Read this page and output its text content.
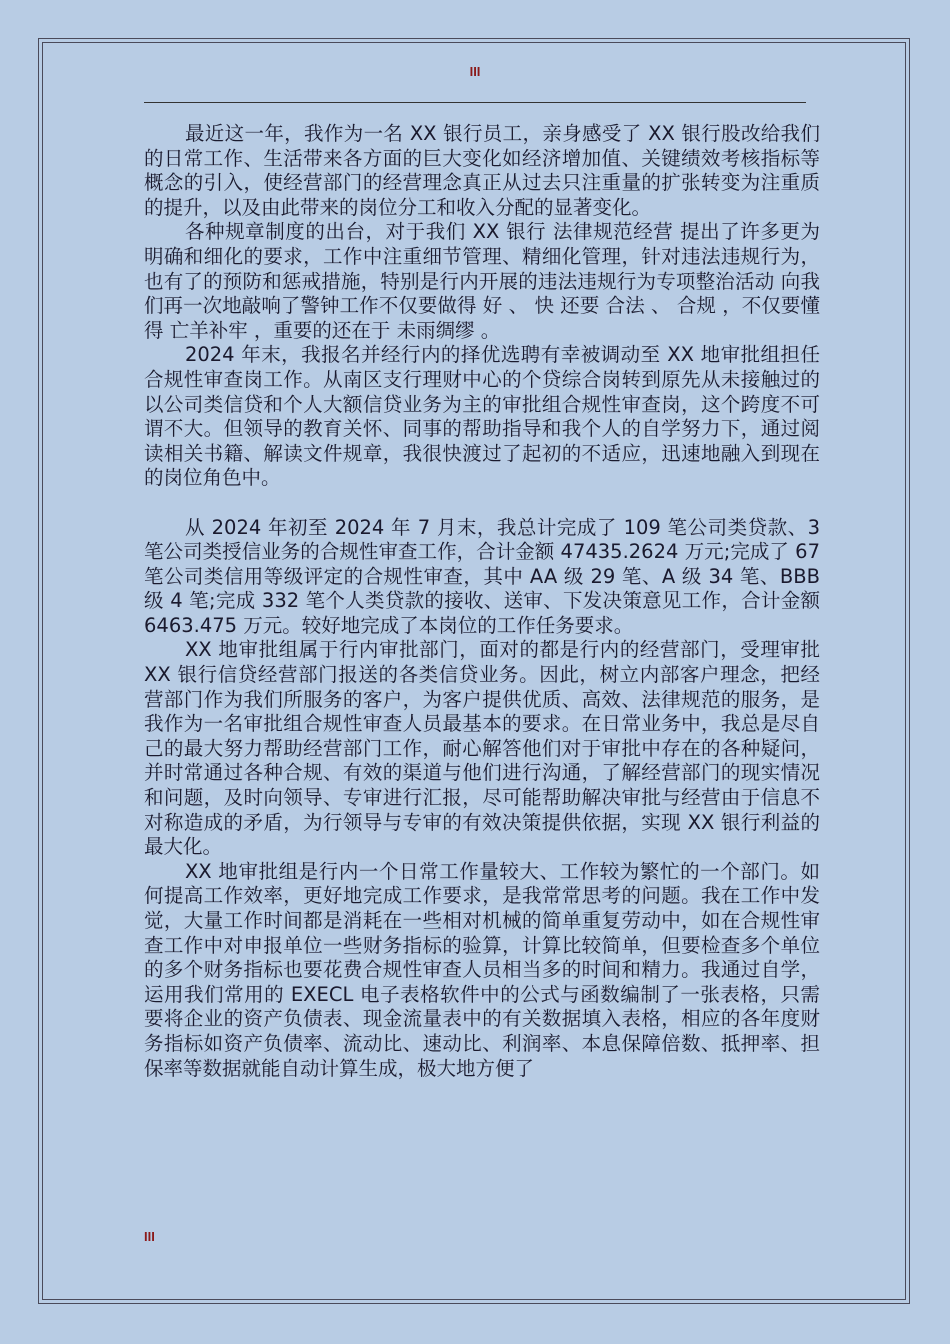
III

最近这一年，我作为一名 XX 银行员工，亲身感受了 XX 银行股改给我们的日常工作、生活带来各方面的巨大变化如经济增加值、关键绩效考核指标等概念的引入，使经营部门的经营理念真正从过去只注重量的扩张转变为注重质的提升，以及由此带来的岗位分工和收入分配的显著变化。

各种规章制度的出台，对于我们 XX 银行 法律规范经营 提出了许多更为明确和细化的要求，工作中注重细节管理、精细化管理，针对违法违规行为，也有了的预防和惩戒措施，特别是行内开展的违法违规行为专项整治活动 向我们再一次地敲响了警钟工作不仅要做得 好 、 快 还要 合法 、 合规 ，不仅要懂得 亡羊补牢 ，重要的还在于 未雨绸缪 。

2024 年末，我报名并经行内的择优选聘有幸被调动至 XX 地审批组担任合规性审查岗工作。从南区支行理财中心的个贷综合岗转到原先从未接触过的以公司类信贷和个人大额信贷业务为主的审批组合规性审查岗，这个跨度不可谓不大。但领导的教育关怀、同事的帮助指导和我个人的自学努力下，通过阅读相关书籍、解读文件规章，我很快渡过了起初的不适应，迅速地融入到现在的岗位角色中。

从 2024 年初至 2024 年 7 月末，我总计完成了 109 笔公司类贷款、3 笔公司类授信业务的合规性审查工作，合计金额 47435.2624 万元;完成了 67 笔公司类信用等级评定的合规性审查，其中 AA 级 29 笔、A 级 34 笔、BBB 级 4 笔;完成 332 笔个人类贷款的接收、送审、下发决策意见工作，合计金额 6463.475 万元。较好地完成了本岗位的工作任务要求。

XX 地审批组属于行内审批部门，面对的都是行内的经营部门，受理审批 XX 银行信贷经营部门报送的各类信贷业务。因此，树立内部客户理念，把经营部门作为我们所服务的客户，为客户提供优质、高效、法律规范的服务，是我作为一名审批组合规性审查人员最基本的要求。在日常业务中，我总是尽自己的最大努力帮助经营部门工作，耐心解答他们对于审批中存在的各种疑问，并时常通过各种合规、有效的渠道与他们进行沟通，了解经营部门的现实情况和问题，及时向领导、专审进行汇报，尽可能帮助解决审批与经营由于信息不对称造成的矛盾，为行领导与专审的有效决策提供依据，实现 XX 银行利益的最大化。

XX 地审批组是行内一个日常工作量较大、工作较为繁忙的一个部门。如何提高工作效率，更好地完成工作要求，是我常常思考的问题。我在工作中发觉，大量工作时间都是消耗在一些相对机械的简单重复劳动中，如在合规性审查工作中对申报单位一些财务指标的验算，计算比较简单，但要检查多个单位的多个财务指标也要花费合规性审查人员相当多的时间和精力。我通过自学，运用我们常用的 EXECL 电子表格软件中的公式与函数编制了一张表格，只需要将企业的资产负债表、现金流量表中的有关数据填入表格，相应的各年度财务指标如资产负债率、流动比、速动比、利润率、本息保障倍数、抵押率、担保率等数据就能自动计算生成，极大地方便了

III
